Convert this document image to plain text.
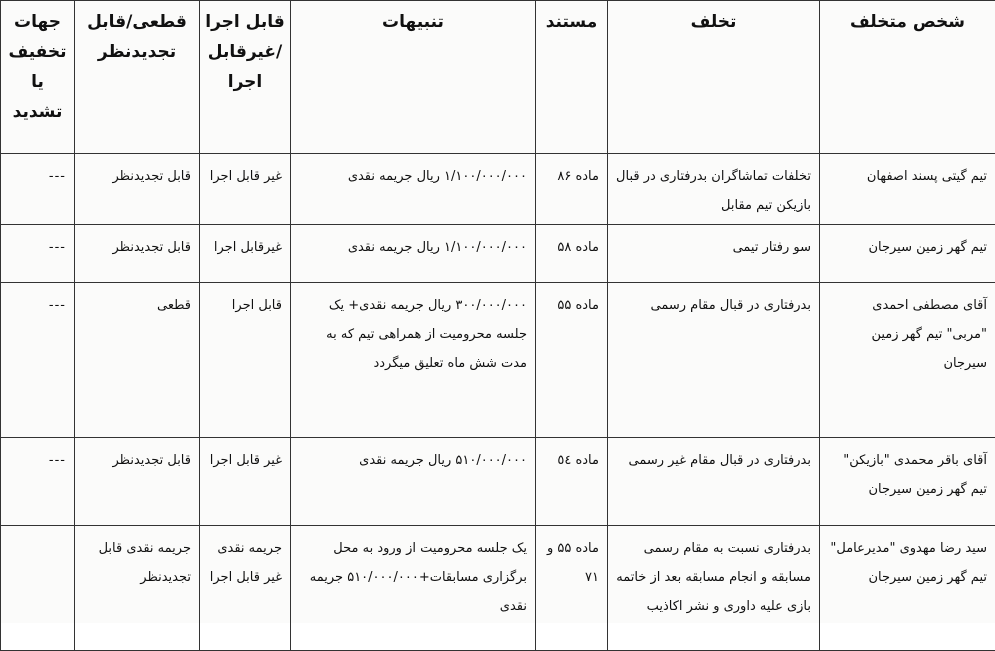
شخص متخلف	تخلف	مستند	تنبیهات	قابل اجرا /غیرقابل اجرا	قطعی/قابل تجدیدنظر	جهات تخفیف یا تشدید
تیم گیتی پسند اصفهان	تخلفات تماشاگران بدرفتاری در قبال بازیکن تیم مقابل	ماده ۸۶	۱/۱۰۰/۰۰۰/۰۰۰ ریال جریمه نقدی	غیر قابل اجرا	قابل تجدیدنظر	---
تیم گهر زمین سیرجان	سو رفتار تیمی	ماده ۵۸	۱/۱۰۰/۰۰۰/۰۰۰ ریال جریمه نقدی	غیرقابل اجرا	قابل تجدیدنظر	---
آقای مصطفی احمدی "مربی" تیم گهر زمین سیرجان	بدرفتاری در قبال مقام رسمی	ماده ۵۵	۳۰۰/۰۰۰/۰۰۰ ریال جریمه نقدی+ یک جلسه محرومیت از همراهی تیم که به مدت شش ماه تعلیق میگردد	قابل اجرا	قطعی	---
آقای باقر محمدی "بازیکن" تیم گهر زمین سیرجان	بدرفتاری در قبال مقام غیر رسمی	ماده ٥٤	۵۱۰/۰۰۰/۰۰۰ ریال جریمه نقدی	غیر قابل اجرا	قابل تجدیدنظر	---
سید رضا مهدوی "مدیرعامل" تیم گهر زمین سیرجان	بدرفتاری نسبت به مقام رسمی مسابقه و انجام مسابقه بعد از خاتمه بازی علیه داوری و نشر اکاذیب	ماده ۵۵ و ۷۱	یک جلسه محرومیت از ورود به محل برگزاری مسابقات+۵۱۰/۰۰۰/۰۰۰ جریمه نقدی	جریمه نقدی غیر قابل اجرا	جریمه نقدی قابل تجدیدنظر	
